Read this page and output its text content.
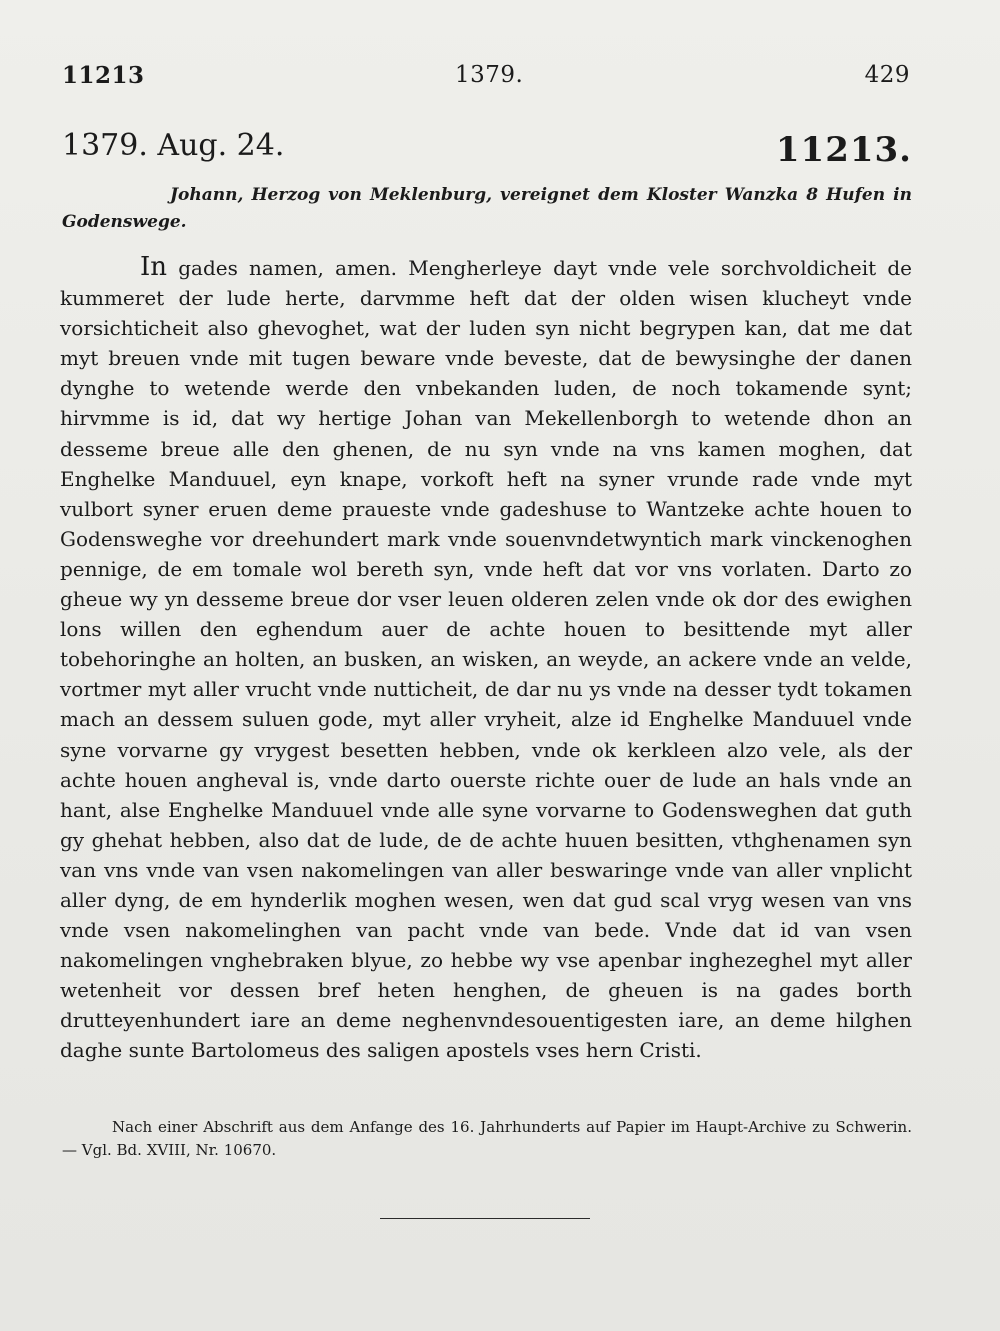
11213	1379.	429
1379. Aug. 24.	11213.
Johann, Herzog von Meklenburg, vereignet dem Kloster Wanzka 8 Hufen in Godenswege.
In gades namen, amen. Mengherleye dayt vnde vele sorchvoldicheit de kummeret der lude herte, darvmme heft dat der olden wisen klucheyt vnde vorsichticheit also ghevoghet, wat der luden syn nicht begrypen kan, dat me dat myt breuen vnde mit tugen beware vnde beveste, dat de bewysinghe der danen dynghe to wetende werde den vnbekanden luden, de noch tokamende synt; hirvmme is id, dat wy hertige Johan van Mekellenborgh to wetende dhon an desseme breue alle den ghenen, de nu syn vnde na vns kamen moghen, dat Enghelke Manduuel, eyn knape, vorkoft heft na syner vrunde rade vnde myt vulbort syner eruen deme praueste vnde gadeshuse to Wantzeke achte houen to Godensweghe vor dreehundert mark vnde souenvndetwyntich mark vinckenoghen pennige, de em tomale wol bereth syn, vnde heft dat vor vns vorlaten. Darto zo gheue wy yn desseme breue dor vser leuen olderen zelen vnde ok dor des ewighen lons willen den eghendum auer de achte houen to besittende myt aller tobehoringhe an holten, an busken, an wisken, an weyde, an ackere vnde an velde, vortmer myt aller vrucht vnde nutticheit, de dar nu ys vnde na desser tydt tokamen mach an dessem suluen gode, myt aller vryheit, alze id Enghelke Manduuel vnde syne vorvarne gy vrygest besetten hebben, vnde ok kerkleen alzo vele, als der achte houen angheval is, vnde darto ouerste richte ouer de lude an hals vnde an hant, alse Enghelke Manduuel vnde alle syne vorvarne to Godensweghen dat guth gy ghehat hebben, also dat de lude, de de achte huuen besitten, vthghenamen syn van vns vnde van vsen nakomelingen van aller beswaringe vnde van aller vnplicht aller dyng, de em hynderlik moghen wesen, wen dat gud scal vryg wesen van vns vnde vsen nakomelinghen van pacht vnde van bede. Vnde dat id van vsen nakomelingen vnghebraken blyue, zo hebbe wy vse apenbar inghezeghel myt aller wetenheit vor dessen bref heten henghen, de gheuen is na gades borth drutteyenhundert iare an deme neghenvndesouentigesten iare, an deme hilghen daghe sunte Bartolomeus des saligen apostels vses hern Cristi.
Nach einer Abschrift aus dem Anfange des 16. Jahrhunderts auf Papier im Haupt-Archive zu Schwerin. — Vgl. Bd. XVIII, Nr. 10670.
